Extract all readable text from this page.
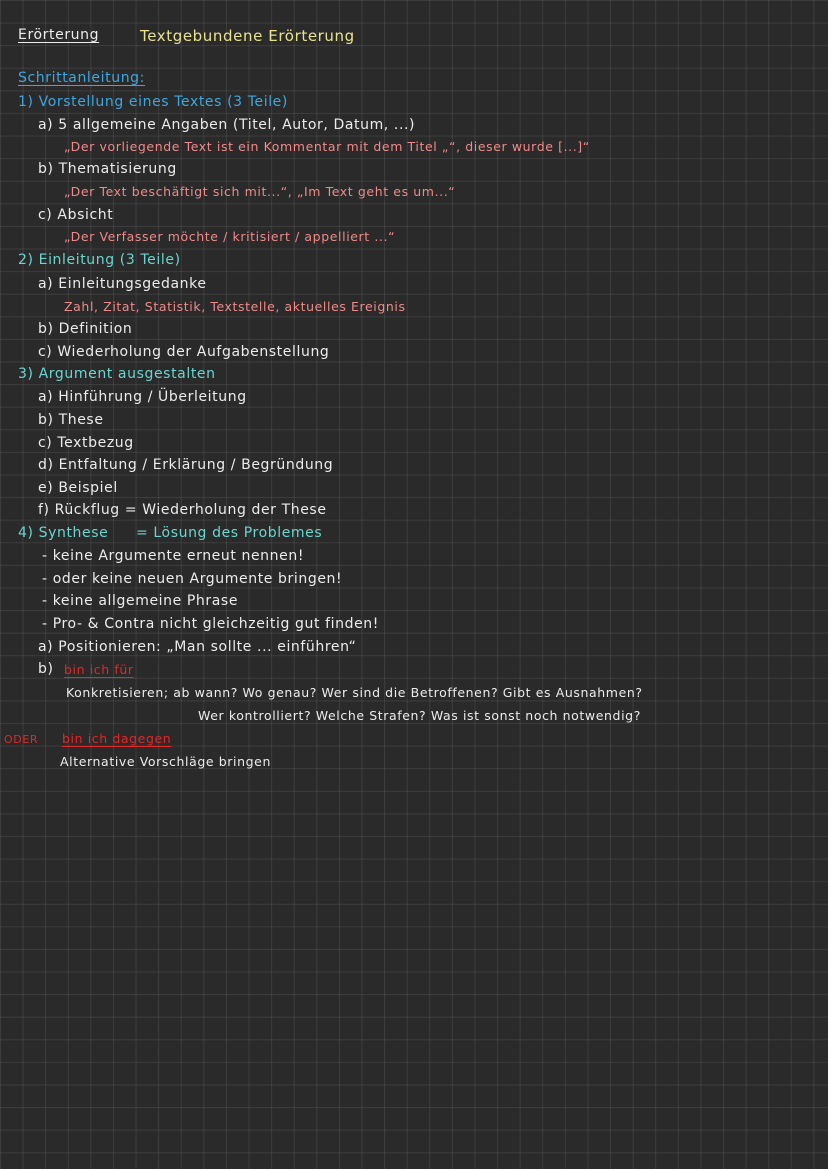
Erörterung	Textgebundene Erörterung
Schrittanleitung:
1) Vorstellung eines Textes (3 Teile)
a) 5 allgemeine Angaben (Titel, Autor, Datum, ...)
„Der vorliegende Text ist ein Kommentar mit dem Titel „“, dieser wurde [...]“
b) Thematisierung
„Der Text beschäftigt sich mit...“, „Im Text geht es um...“
c) Absicht
„Der Verfasser möchte / kritisiert / appelliert ...“
2) Einleitung (3 Teile)
a) Einleitungsgedanke
Zahl, Zitat, Statistik, Textstelle, aktuelles Ereignis
b) Definition
c) Wiederholung der Aufgabenstellung
3) Argument ausgestalten
a) Hinführung / Überleitung
b) These
c) Textbezug
d) Entfaltung / Erklärung / Begründung
e) Beispiel
f) Rückflug = Wiederholung der These
4) Synthese = Lösung des Problemes
- keine Argumente erneut nennen!
- oder keine neuen Argumente bringen!
- keine allgemeine Phrase
- Pro- & Contra nicht gleichzeitig gut finden!
a) Positionieren: „Man sollte ... einführen“
b) bin ich für
Konkretisieren; ab wann? Wo genau? Wer sind die Betroffenen? Gibt es Ausnahmen?
Wer kontrolliert? Welche Strafen? Was ist sonst noch notwendig?
ODER bin ich dagegen
Alternative Vorschläge bringen
